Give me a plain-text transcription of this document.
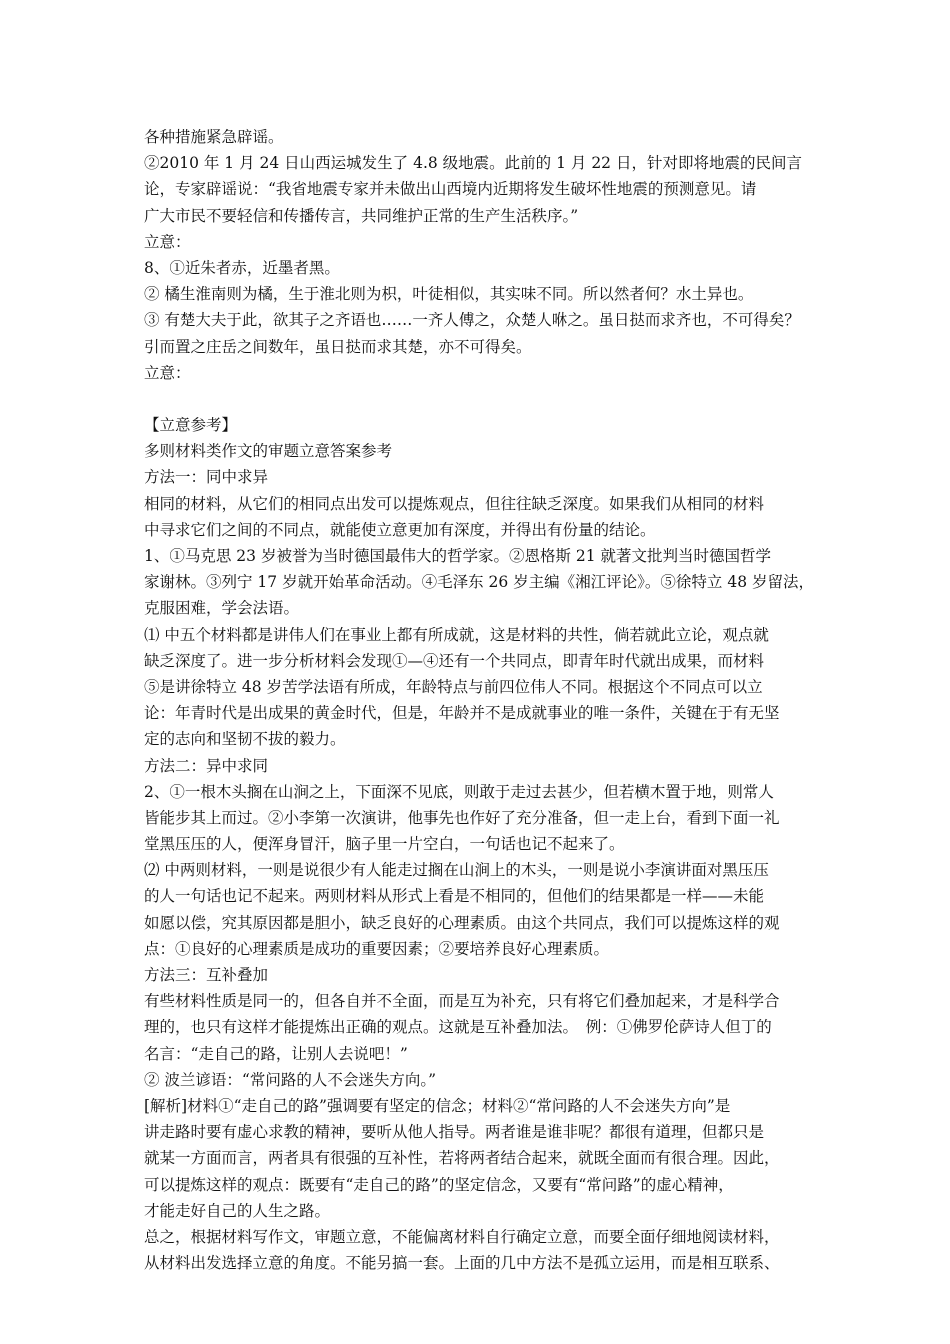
各种措施紧急辟谣。
②2010 年 1 月 24 日山西运城发生了 4.8 级地震。此前的 1 月 22 日，针对即将地震的民间言
论，专家辟谣说：“我省地震专家并未做出山西境内近期将发生破坏性地震的预测意见。请
广大市民不要轻信和传播传言，共同维护正常的生产生活秩序。”
立意：
8、①近朱者赤，近墨者黑。
② 橘生淮南则为橘，生于淮北则为枳，叶徒相似，其实味不同。所以然者何？水土异也。
③ 有楚大夫于此，欲其子之齐语也……一齐人傅之，众楚人咻之。虽日挞而求齐也，不可得矣？
引而置之庄岳之间数年，虽日挞而求其楚，亦不可得矣。
立意：
【立意参考】
多则材料类作文的审题立意答案参考
方法一：同中求异
相同的材料，从它们的相同点出发可以提炼观点，但往往缺乏深度。如果我们从相同的材料
中寻求它们之间的不同点，就能使立意更加有深度，并得出有份量的结论。
1、①马克思 23 岁被誉为当时德国最伟大的哲学家。②恩格斯 21 就著文批判当时德国哲学
家谢林。③列宁 17 岁就开始革命活动。④毛泽东 26 岁主编《湘江评论》。⑤徐特立 48 岁留法，
克服困难，学会法语。
⑴ 中五个材料都是讲伟人们在事业上都有所成就，这是材料的共性，倘若就此立论，观点就
缺乏深度了。进一步分析材料会发现①—④还有一个共同点，即青年时代就出成果，而材料
⑤是讲徐特立 48 岁苦学法语有所成，年龄特点与前四位伟人不同。根据这个不同点可以立
论：年青时代是出成果的黄金时代，但是，年龄并不是成就事业的唯一条件，关键在于有无坚
定的志向和坚韧不拔的毅力。
方法二：异中求同
2、①一根木头搁在山涧之上，下面深不见底，则敢于走过去甚少，但若横木置于地，则常人
皆能步其上而过。②小李第一次演讲，他事先也作好了充分准备，但一走上台，看到下面一礼
堂黑压压的人，便浑身冒汗，脑子里一片空白，一句话也记不起来了。
⑵ 中两则材料，一则是说很少有人能走过搁在山涧上的木头，一则是说小李演讲面对黑压压
的人一句话也记不起来。两则材料从形式上看是不相同的，但他们的结果都是一样——未能
如愿以偿，究其原因都是胆小，缺乏良好的心理素质。由这个共同点，我们可以提炼这样的观
点：①良好的心理素质是成功的重要因素；②要培养良好心理素质。
方法三：互补叠加
有些材料性质是同一的，但各自并不全面，而是互为补充，只有将它们叠加起来，才是科学合
理的，也只有这样才能提炼出正确的观点。这就是互补叠加法。　例：①佛罗伦萨诗人但丁的
名言：“走自己的路，让别人去说吧！”
② 波兰谚语：“常问路的人不会迷失方向。”
[解析]材料①“走自己的路”强调要有坚定的信念；材料②“常问路的人不会迷失方向”是
讲走路时要有虚心求教的精神，要听从他人指导。两者谁是谁非呢？都很有道理，但都只是
就某一方面而言，两者具有很强的互补性，若将两者结合起来，就既全面而有很合理。因此，
可以提炼这样的观点：既要有“走自己的路”的坚定信念，又要有“常问路”的虚心精神，
才能走好自己的人生之路。
总之，根据材料写作文，审题立意，不能偏离材料自行确定立意，而要全面仔细地阅读材料，
从材料出发选择立意的角度。不能另搞一套。上面的几中方法不是孤立运用，而是相互联系、
